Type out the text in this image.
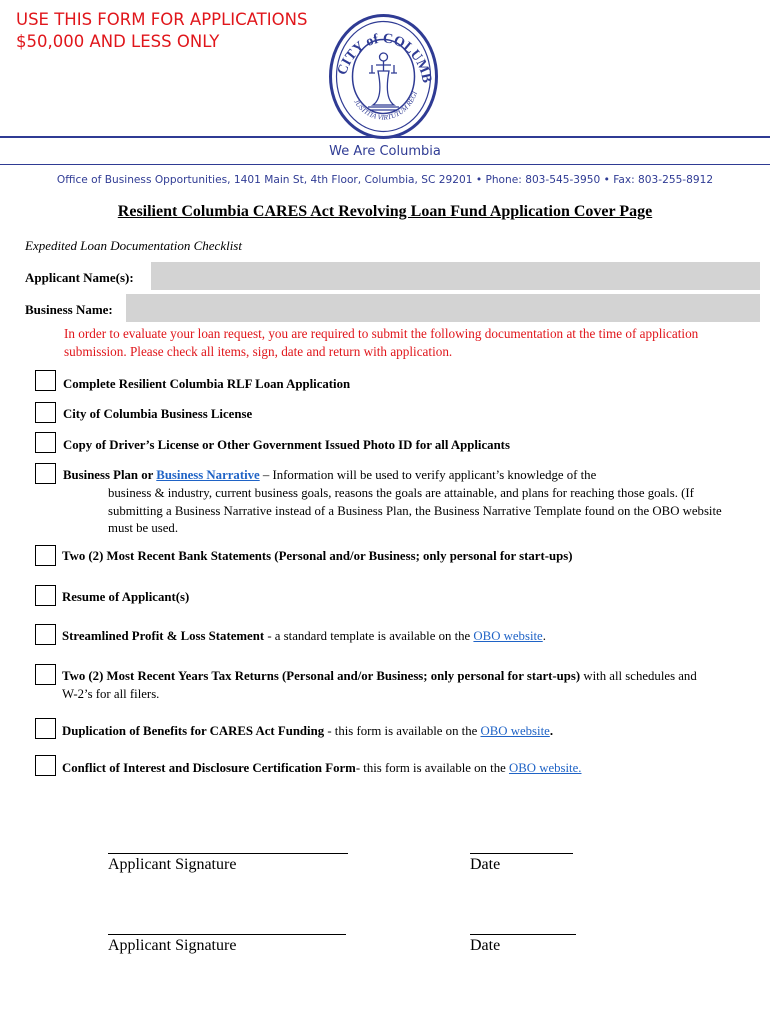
USE THIS FORM FOR APPLICATIONS $50,000 AND LESS ONLY
CITY of COLUMB
JUSTITIA VIRTUTUM REGI
We Are Columbia
Office of Business Opportunities, 1401 Main St, 4th Floor, Columbia, SC 29201 • Phone: 803-545-3950 • Fax: 803-255-8912
Resilient Columbia CARES Act Revolving Loan Fund Application Cover Page
Expedited Loan Documentation Checklist
Applicant Name(s):
Business Name:
In order to evaluate your loan request, you are required to submit the following documentation at the time of application submission. Please check all items, sign, date and return with application.
Complete Resilient Columbia RLF Loan Application
City of Columbia Business License
Copy of Driver’s License or Other Government Issued Photo ID for all Applicants
Business Plan or Business Narrative – Information will be used to verify applicant’s knowledge of the
business & industry, current business goals, reasons the goals are attainable, and plans for reaching those goals. (If submitting a Business Narrative instead of a Business Plan, the Business Narrative Template found on the OBO website must be used.
Two (2) Most Recent Bank Statements (Personal and/or Business; only personal for start-ups)
Resume of Applicant(s)
Streamlined Profit & Loss Statement - a standard template is available on the OBO website.
Two (2) Most Recent Years Tax Returns (Personal and/or Business; only personal for start-ups) with all schedules and W-2’s for all filers.
Duplication of Benefits for CARES Act Funding - this form is available on the OBO website.
Conflict of Interest and Disclosure Certification Form- this form is available on the OBO website.
Applicant Signature	Date
Applicant Signature	Date
